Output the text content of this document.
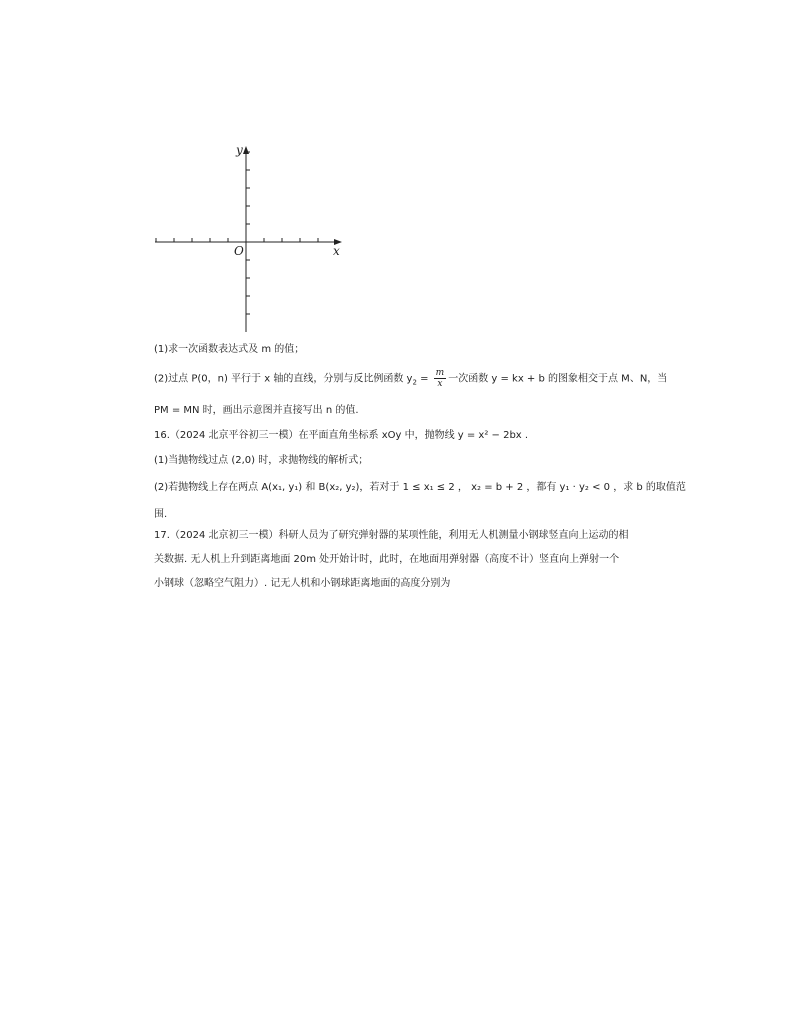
y
x
O
(1)求一次函数表达式及 m 的值；
(2)过点 P(0，n) 平行于 x 轴的直线，分别与反比例函数 $y_2 = \frac{m}{x}$ 一次函数 y = kx + b 的图象相交于点 M、N，当
PM = MN 时，画出示意图并直接写出 n 的值.
16.（2024 北京平谷初三一模）在平面直角坐标系 xOy 中，抛物线 y = x² − 2bx .
(1)当抛物线过点 (2,0) 时，求抛物线的解析式；
(2)若抛物线上存在两点 A(x₁, y₁) 和 B(x₂, y₂)，若对于 1 ≤ x₁ ≤ 2 ， x₂ = b + 2 ，都有 y₁ · y₂ < 0 ，求 b 的取值范
围.
17.（2024 北京初三一模）科研人员为了研究弹射器的某项性能，利用无人机测量小钢球竖直向上运动的相
关数据. 无人机上升到距离地面 20m 处开始计时，此时，在地面用弹射器（高度不计）竖直向上弹射一个
小钢球（忽略空气阻力）. 记无人机和小钢球距离地面的高度分别为
